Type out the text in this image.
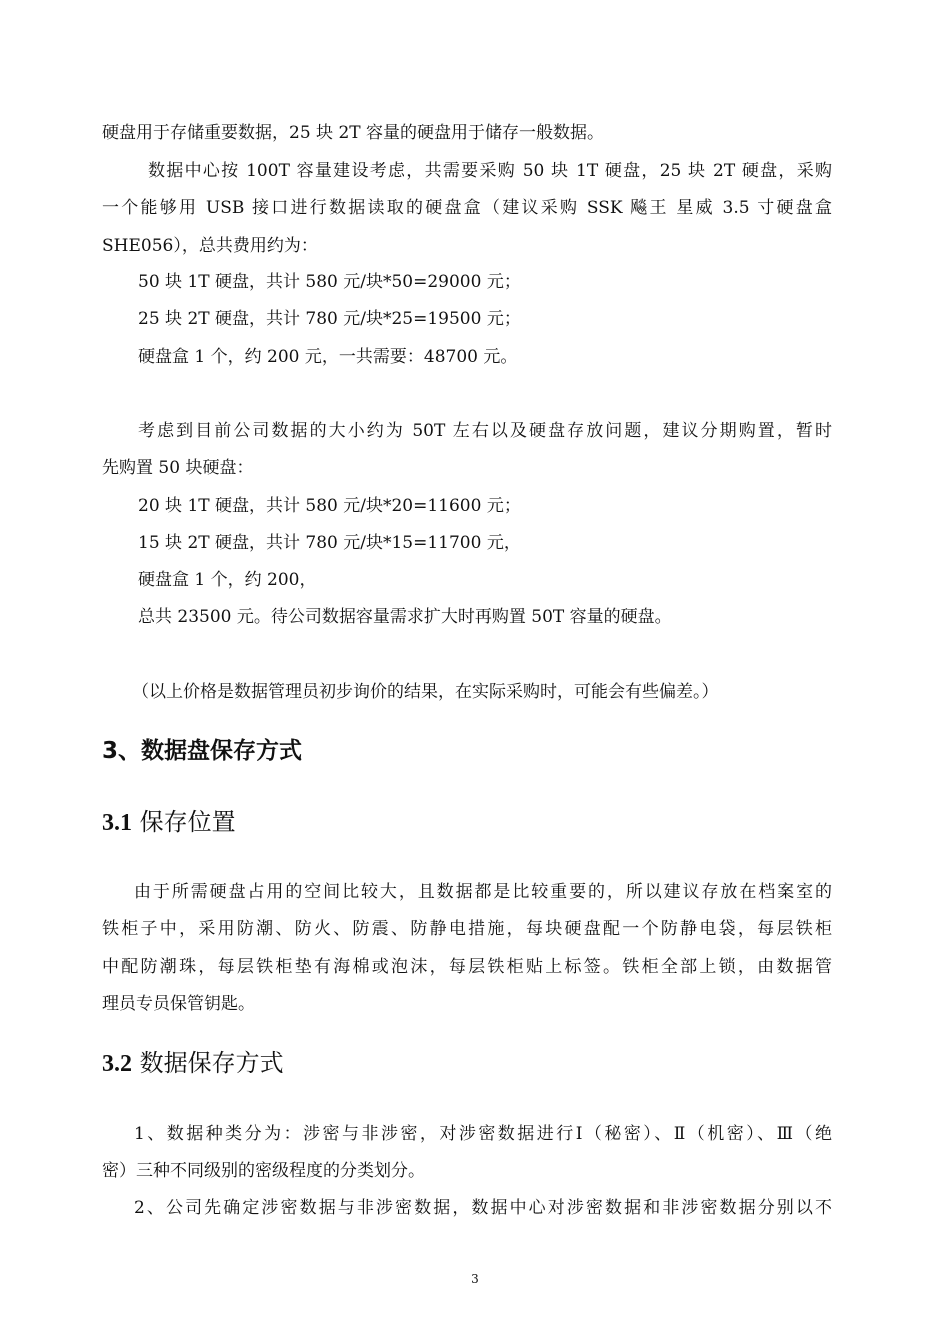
硬盘用于存储重要数据，25 块 2T 容量的硬盘用于储存一般数据。
数据中心按 100T 容量建设考虑，共需要采购 50 块 1T 硬盘，25 块 2T 硬盘，采购
一个能够用 USB 接口进行数据读取的硬盘盒（建议采购 SSK 飚王 星威 3.5 寸硬盘盒
SHE056），总共费用约为：
50 块 1T 硬盘，共计 580 元/块*50=29000 元；
25 块 2T 硬盘，共计 780 元/块*25=19500 元；
硬盘盒 1 个，约 200 元，一共需要：48700 元。
考虑到目前公司数据的大小约为 50T 左右以及硬盘存放问题，建议分期购置，暂时
先购置 50 块硬盘：
20 块 1T 硬盘，共计 580 元/块*20=11600 元；
15 块 2T 硬盘，共计 780 元/块*15=11700 元，
硬盘盒 1 个，约 200，
总共 23500 元。待公司数据容量需求扩大时再购置 50T 容量的硬盘。
（以上价格是数据管理员初步询价的结果，在实际采购时，可能会有些偏差。）
3、数据盘保存方式
3.1 保存位置
由于所需硬盘占用的空间比较大，且数据都是比较重要的，所以建议存放在档案室的
铁柜子中，采用防潮、防火、防震、防静电措施，每块硬盘配一个防静电袋，每层铁柜
中配防潮珠，每层铁柜垫有海棉或泡沫，每层铁柜贴上标签。铁柜全部上锁，由数据管
理员专员保管钥匙。
3.2 数据保存方式
1、数据种类分为：涉密与非涉密，对涉密数据进行Ⅰ（秘密）、Ⅱ（机密）、Ⅲ（绝
密）三种不同级别的密级程度的分类划分。
2、公司先确定涉密数据与非涉密数据，数据中心对涉密数据和非涉密数据分别以不
3
